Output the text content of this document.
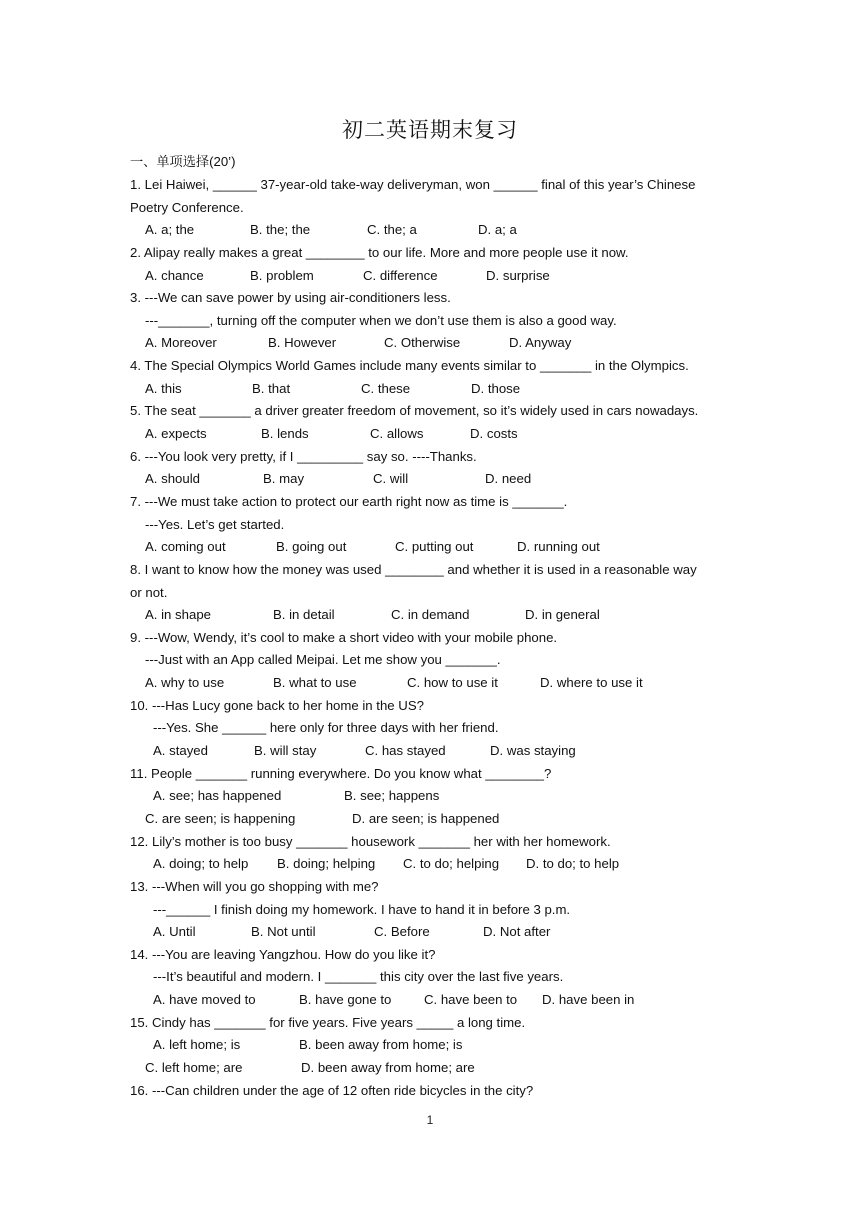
初二英语期末复习
一、单项选择(20’)
1. Lei Haiwei, ______ 37-year-old take-way deliveryman, won ______ final of this year’s Chinese
Poetry Conference.
A. a; the	B. the; the	C. the; a	D. a; a
2. Alipay really makes a great ________ to our life. More and more people use it now.
A. chance	B. problem	C. difference	D. surprise
3. ---We can save power by using air-conditioners less.
---_______, turning off the computer when we don’t use them is also a good way.
A. Moreover	B. However	C. Otherwise	D. Anyway
4. The Special Olympics World Games include many events similar to _______ in the Olympics.
A. this	B. that	C. these	D. those
5. The seat _______ a driver greater freedom of movement, so it’s widely used in cars nowadays.
A. expects	B. lends	C. allows	D. costs
6. ---You look very pretty, if I _________ say so. ----Thanks.
A. should	B. may	C. will	D. need
7. ---We must take action to protect our earth right now as time is _______.
---Yes. Let’s get started.
A. coming out	B. going out	C. putting out	D. running out
8. I want to know how the money was used ________ and whether it is used in a reasonable way
or not.
A. in shape	B. in detail	C. in demand	D. in general
9. ---Wow, Wendy, it’s cool to make a short video with your mobile phone.
---Just with an App called Meipai. Let me show you _______.
A. why to use	B. what to use	C. how to use it	D. where to use it
10. ---Has Lucy gone back to her home in the US?
---Yes. She ______ here only for three days with her friend.
A. stayed	B. will stay	C. has stayed	D. was staying
11. People _______ running everywhere. Do you know what ________?
A. see; has happened	B. see; happens
C. are seen; is happening	D. are seen; is happened
12. Lily’s mother is too busy _______ housework _______ her with her homework.
A. doing; to help B. doing; helping C. to do; helping D. to do; to help
13. ---When will you go shopping with me?
---______ I finish doing my homework. I have to hand it in before 3 p.m.
A. Until	B. Not until	C. Before	D. Not after
14. ---You are leaving Yangzhou. How do you like it?
---It’s beautiful and modern. I _______ this city over the last five years.
A. have moved to	B. have gone to C. have been to D. have been in
15. Cindy has _______ for five years. Five years _____ a long time.
A. left home; is	B. been away from home; is
C. left home; are	D. been away from home; are
16. ---Can children under the age of 12 often ride bicycles in the city?
1
